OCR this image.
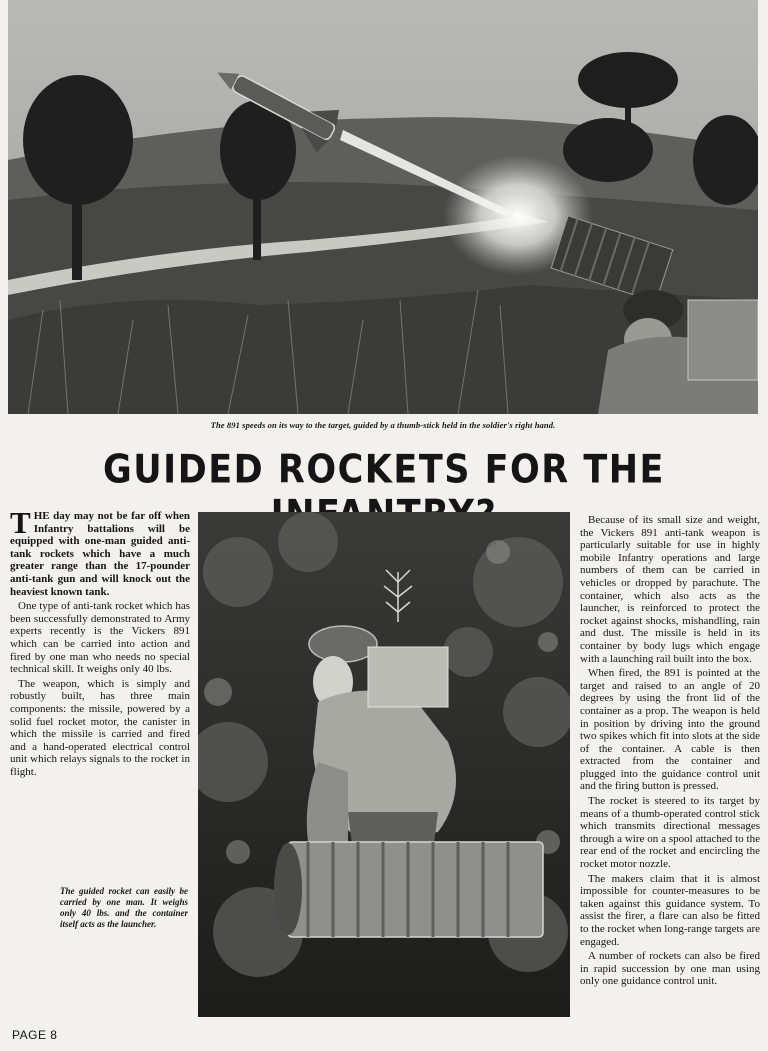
The 891 speeds on its way to the target, guided by a thumb-stick held in the soldier's right hand.
GUIDED ROCKETS FOR THE

THE day may not be far off when Infantry battalions will be equipped with one-man guided anti-tank rockets which have a much greater range than the 17-pounder anti-tank gun and will knock out the heaviest known tank.

One type of anti-tank rocket which has been successfully demonstrated to Army experts recently is the Vickers 891 which can be carried into action and fired by one man who needs no special technical skill. It weighs only 40 lbs.

The weapon, which is simply and robustly built, has three main components: the missile, powered by a solid fuel rocket motor, the canister in which the missile is carried and fired and a hand-operated electrical control unit which relays signals to the rocket in flight.

The guided rocket can easily be carried by one man. It weighs only 40 lbs. and the container itself acts as the launcher.

Because of its small size and weight, the Vickers 891 anti-tank weapon is particularly suitable for use in highly mobile Infantry operations and large numbers of them can be carried in vehicles or dropped by parachute. The container, which also acts as the launcher, is reinforced to protect the rocket against shocks, mishandling, rain and dust. The missile is held in its container by body lugs which engage with a launching rail built into the box.

When fired, the 891 is pointed at the target and raised to an angle of 20 degrees by using the front lid of the container as a prop. The weapon is held in position by driving into the ground two spikes which fit into slots at the side of the container. A cable is then extracted from the container and plugged into the guidance control unit and the firing button is pressed.

The rocket is steered to its target by means of a thumb-operated control stick which transmits directional messages through a wire on a spool attached to the rear end of the rocket and encircling the rocket motor nozzle.

The makers claim that it is almost impossible for counter-measures to be taken against this guidance system. To assist the firer, a flare can also be fitted to the rocket when long-range targets are engaged.

A number of rockets can also be fired in rapid succession by one man using only one guidance control unit.

PAGE 8
